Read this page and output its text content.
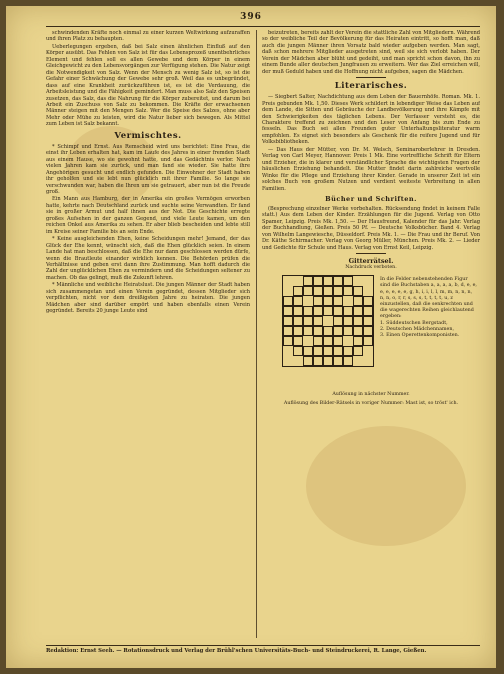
396

schwindenden Kräfte noch einmal zu einer kurzen Weltwirkung aufzuraffen und ihren Platz zu behaupten.

Ueberlegungen ergeben, daß bei Salz einen ähnlichen Einfluß auf den Körper ausübt. Das Fehlen von Salz ist für das Lebensprozeß unentbehrliches Element und fehlen soll es allen Gewebe und dem Körper in einem Gleichgewicht zu den Lebensvorgängen zur Verfügung stehen. Die Natur zeigt die Notwendigkeit von Salz. Wenn der Mensch zu wenig Salz ist, so ist die Gefahr einer Schwächung der Gewebe sehr groß. Weil das es unbegründet, dass auf eine Krankheit zurückzuführen ist, es ist die Verdauung, die Arbeitsleistung und die Fähigkeit gemindert. Man muss also Salz den Speisen zusetzen, das Salz, das die Nahrung für die Körper zubereitet, und darum bei Arbeit ein Zuschuss von Salz zu bekommen. Die Kräfte der erwachsenen Männer steigen mit den Mengen Salz. Wer die Speise des Salzes, ohne aber Mehr oder Mühe zu leisten, wird die Natur lieber sich bewegen. Als Mittel zum Leben ist Salz bekannt.

Vermischtes.

* Schimpf und Ernst. Aus Remscheid wird uns berichtet: Eine Frau, die einst ihr Leben erhalten hat, kam im Laufe des Jahres in einer fremden Stadt aus einem Hause, wo sie gewohnt hatte, und das Gedächtnis verlor. Nach vielen Jahren kam sie zurück, und man fand sie wieder. Sie hatte ihre Angehörigen gesucht und endlich gefunden. Die Einwohner der Stadt haben ihr geholfen und sie lebt nun glücklich mit ihrer Familie. So lange sie verschwunden war, haben die Ihren um sie getrauert, aber nun ist die Freude groß.

Ein Mann aus Hamburg, der in Amerika ein großes Vermögen erworben hatte, kehrte nach Deutschland zurück und suchte seine Verwandten. Er fand sie in großer Armut und half ihnen aus der Not. Die Geschichte erregte großes Aufsehen in der ganzen Gegend, und viele Leute kamen, um den reichen Onkel aus Amerika zu sehen. Er aber blieb bescheiden und lebte still im Kreise seiner Familie bis an sein Ende.

* Keine ausgleichenden Ehen, keine Scheidungen mehr! Jemand, der das Glück der Ehe kennt, wünscht sich, daß die Ehen glücklich seien. In einem Lande hat man beschlossen, daß die Ehe nur dann geschlossen werden dürfe, wenn die Brautleute einander wirklich kennen. Die Behörden prüfen die Verhältnisse und geben erst dann ihre Zustimmung. Man hofft dadurch die Zahl der unglücklichen Ehen zu vermindern und die Scheidungen seltener zu machen. Ob das gelingt, muß die Zukunft lehren.

* Männliche und weibliche Heiratslust. Die jungen Männer der Stadt haben sich zusammengetan und einen Verein gegründet, dessen Mitglieder sich verpflichten, nicht vor dem dreißigsten Jahre zu heiraten. Die jungen Mädchen aber sind darüber empört und haben ebenfalls einen Verein gegründet. Bereits 20 junge Leute sind

beizutreten, bereits zahlt der Verein die stattliche Zahl von Mitgliedern. Während so der weibliche Teil der Bevölkerung für das Heiraten eintritt, so hofft man, daß auch die jungen Männer ihren Vorsatz bald wieder aufgeben werden. Man sagt, daß schon mehrere Mitglieder ausgetreten sind, weil sie sich verlobt haben. Der Verein der Mädchen aber blüht und gedeiht, und man spricht schon davon, ihn zu einem Bunde aller deutschen Jungfrauen zu erweitern. Wer das Ziel erreichen will, der muß Geduld haben und die Hoffnung nicht aufgeben, sagen die Mädchen.

Literarisches.

— Siegbert Salter, Nachdichtung aus dem Leben der Bauernhöfe. Roman. Mk. 1. Preis gebunden Mk. 1,50. Dieses Werk schildert in lebendiger Weise das Leben auf dem Lande, die Sitten und Gebräuche der Landbevölkerung und ihre Kämpfe mit den Schwierigkeiten des täglichen Lebens. Der Verfasser versteht es, die Charaktere treffend zu zeichnen und den Leser von Anfang bis zum Ende zu fesseln. Das Buch sei allen Freunden guter Unterhaltungsliteratur warm empfohlen. Es eignet sich besonders als Geschenk für die reifere Jugend und für Volksbibliotheken.

— Das Haus der Mütter, von Dr. M. Welsch, Seminaroberlehrer in Dresden. Verlag von Carl Meyer, Hannover. Preis 1 Mk. Eine vortreffliche Schrift für Eltern und Erzieher, die in klarer und verständlicher Sprache die wichtigsten Fragen der häuslichen Erziehung behandelt. Die Mutter findet darin zahlreiche wertvolle Winke für die Pflege und Erziehung ihrer Kinder. Gerade in unserer Zeit ist ein solches Buch von großem Nutzen und verdient weiteste Verbreitung in allen Familien.

Bücher und Schriften.

(Besprechung einzelner Werke vorbehalten. Rücksendung findet in keinem Falle statt.) Aus dem Leben der Kinder. Erzählungen für die Jugend. Verlag von Otto Spamer, Leipzig. Preis Mk. 1,50. — Der Hausfreund, Kalender für das Jahr. Verlag der Buchhandlung, Gießen. Preis 50 Pf. — Deutsche Volksbücher. Band 4. Verlag von Wilhelm Langewiesche, Düsseldorf. Preis Mk. 1. — Die Frau und ihr Beruf. Von Dr. Käthe Schirmacher. Verlag von Georg Müller, München. Preis Mk. 2. — Lieder und Gedichte für Schule und Haus. Verlag von Ernst Keil, Leipzig.

Gitterrätsel.
Nachdruck verboten.
In die Felder nebenstehenden Figur sind die Buchstaben a, a, a, a, b, d, e, e, e, e, e, e, e, g, h, i, i, l, l, m, m, n, n, n, n, n, o, r, r, s, s, s, t, t, t, t, u, z einzustellen, daß die senkrechten und die wagerechten Reihen gleichlautend ergeben:
1. Süddeutschen Bergstadt,
2. Deutschen Mädchennamen,
3. Einen Operettenkomponisten.
Auflösung in nächster Nummer.
Auflösung des Bilder-Rätsels in voriger Nummer: Mast ist, so tröst' ich.
Redaktion: Ernst Seeh. — Rotationsdruck und Verlag der Brühl'schen Universitäts-Buch- und Steindruckerei, R. Lange, Gießen.
